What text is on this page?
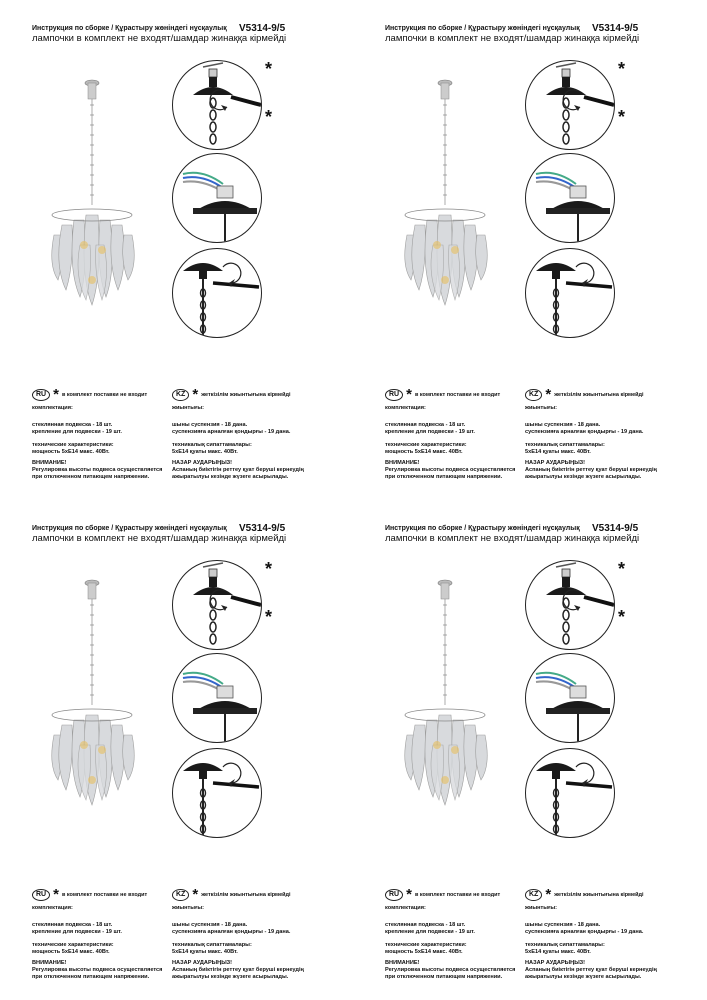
Инструкция по сборке / Құрастыру жөніндегі нұсқаулық V5314-9/5
лампочки в комплект не входят/шамдар жинаққа кірмейді
*
*
RU * в комплект поставки не входит	KZ * жеткізілім жиынтығына кірмейді

комплектация:

стеклянная подвеска - 18 шт.

крепление для подвески - 19 шт.

технические характеристики:

мощность 5хЕ14 макс. 40Вт.

ВНИМАНИЕ!

Регулировка высоты подвеса осуществляется

при отключенном питающем напряжении.

жиынтығы:

шыны суспензия - 18 дана.

суспензияға арналған қондырғы - 19 дана.

техникалық сипаттамалары:

5хЕ14 қуаты макс. 40Вт.

НАЗАР АУДАРЫҢЫЗ!

Аспаның биіктігін реттеу қуат беруші кернеудің

ажыратылуы кезінде жүзеге асырылады.

Инструкция по сборке / Құрастыру жөніндегі нұсқаулық V5314-9/5
лампочки в комплект не входят/шамдар жинаққа кірмейді
*
*
RU * в комплект поставки не входит	KZ * жеткізілім жиынтығына кірмейді

комплектация:

стеклянная подвеска - 18 шт.

крепление для подвески - 19 шт.

технические характеристики:

мощность 5хЕ14 макс. 40Вт.

ВНИМАНИЕ!

Регулировка высоты подвеса осуществляется

при отключенном питающем напряжении.

жиынтығы:

шыны суспензия - 18 дана.

суспензияға арналған қондырғы - 19 дана.

техникалық сипаттамалары:

5хЕ14 қуаты макс. 40Вт.

НАЗАР АУДАРЫҢЫЗ!

Аспаның биіктігін реттеу қуат беруші кернеудің

ажыратылуы кезінде жүзеге асырылады.

Инструкция по сборке / Құрастыру жөніндегі нұсқаулық V5314-9/5
лампочки в комплект не входят/шамдар жинаққа кірмейді
*
*
RU * в комплект поставки не входит	KZ * жеткізілім жиынтығына кірмейді

комплектация:

стеклянная подвеска - 18 шт.

крепление для подвески - 19 шт.

технические характеристики:

мощность 5хЕ14 макс. 40Вт.

ВНИМАНИЕ!

Регулировка высоты подвеса осуществляется

при отключенном питающем напряжении.

жиынтығы:

шыны суспензия - 18 дана.

суспензияға арналған қондырғы - 19 дана.

техникалық сипаттамалары:

5хЕ14 қуаты макс. 40Вт.

НАЗАР АУДАРЫҢЫЗ!

Аспаның биіктігін реттеу қуат беруші кернеудің

ажыратылуы кезінде жүзеге асырылады.

Инструкция по сборке / Құрастыру жөніндегі нұсқаулық V5314-9/5
лампочки в комплект не входят/шамдар жинаққа кірмейді
*
*
RU * в комплект поставки не входит	KZ * жеткізілім жиынтығына кірмейді

комплектация:

стеклянная подвеска - 18 шт.

крепление для подвески - 19 шт.

технические характеристики:

мощность 5хЕ14 макс. 40Вт.

ВНИМАНИЕ!

Регулировка высоты подвеса осуществляется

при отключенном питающем напряжении.

жиынтығы:

шыны суспензия - 18 дана.

суспензияға арналған қондырғы - 19 дана.

техникалық сипаттамалары:

5хЕ14 қуаты макс. 40Вт.

НАЗАР АУДАРЫҢЫЗ!

Аспаның биіктігін реттеу қуат беруші кернеудің

ажыратылуы кезінде жүзеге асырылады.
